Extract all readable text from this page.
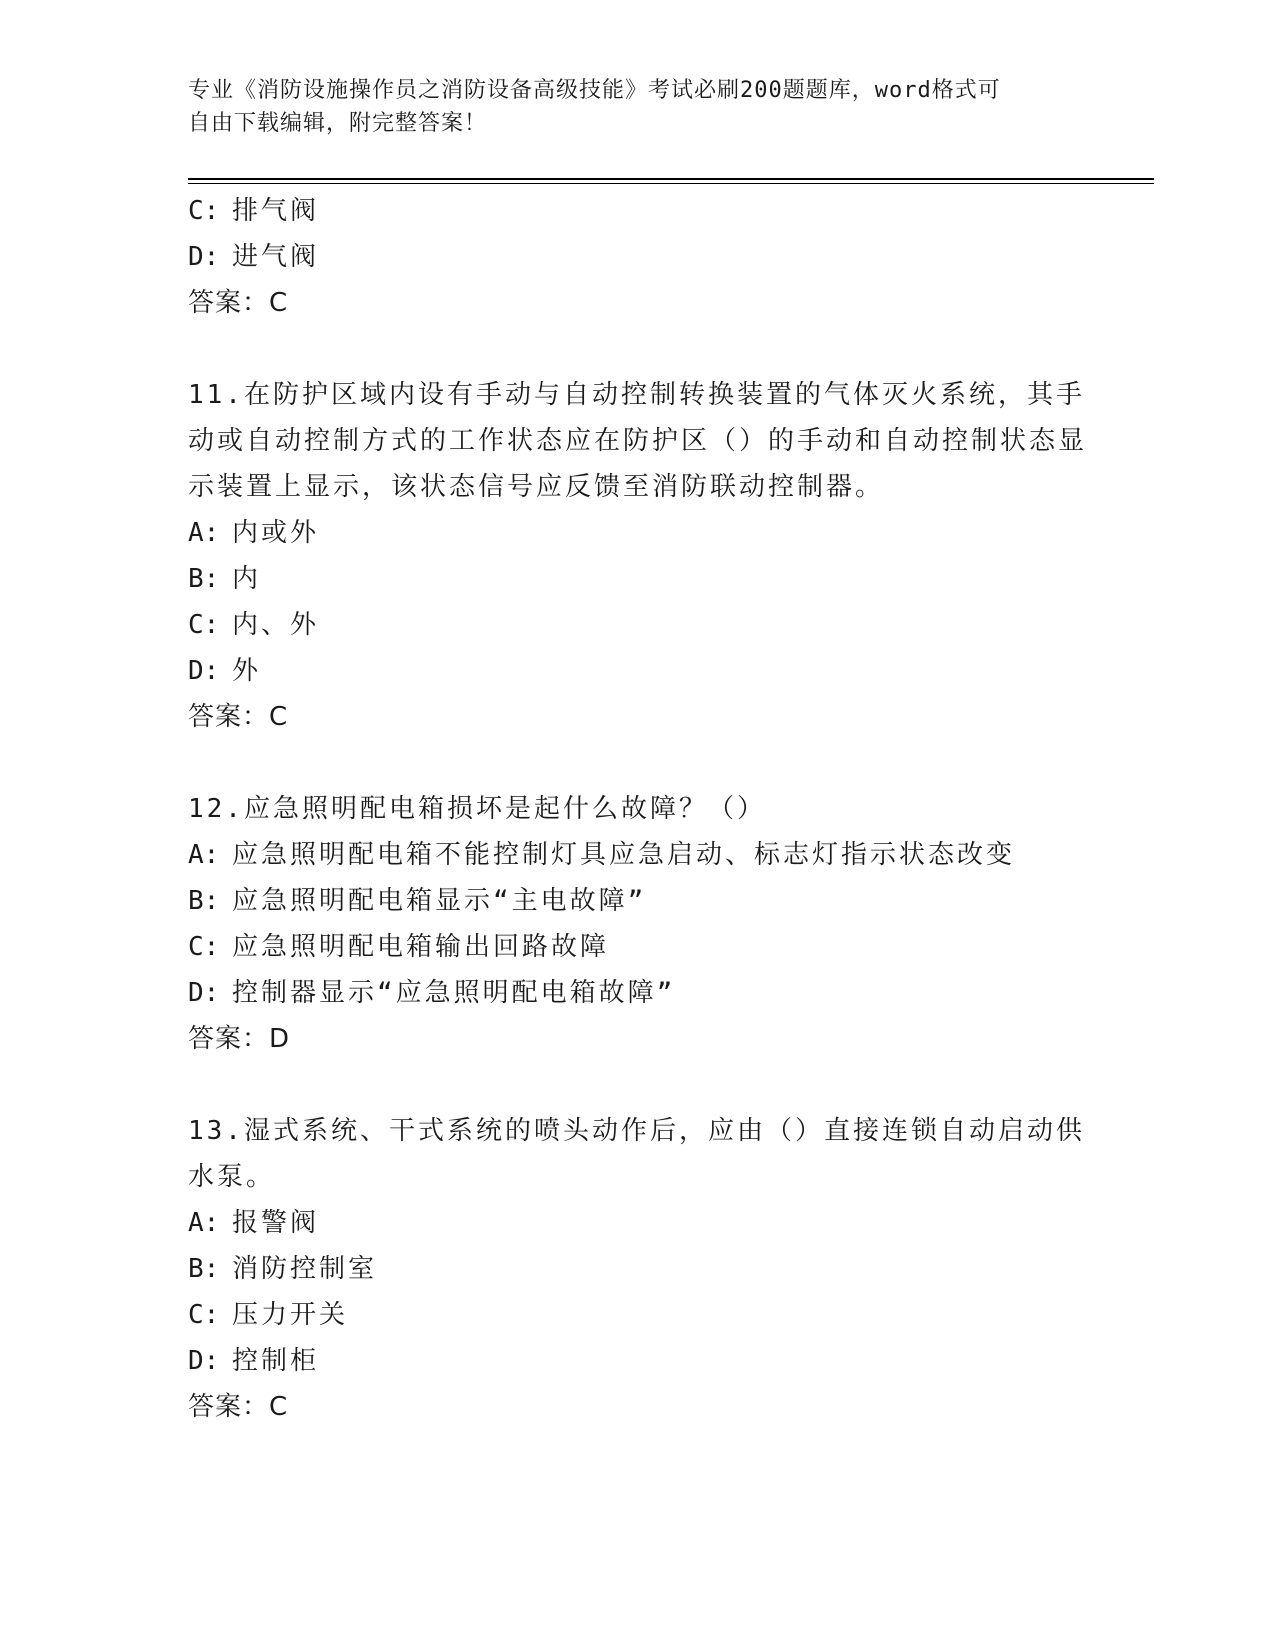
专业《消防设施操作员之消防设备高级技能》考试必刷200题题库，word格式可
自由下载编辑，附完整答案！
C: 排气阀
D: 进气阀
答案：C
11.在防护区域内设有手动与自动控制转换装置的气体灭火系统，其手动或自动控制方式的工作状态应在防护区（）的手动和自动控制状态显示装置上显示，该状态信号应反馈至消防联动控制器。
A: 内或外
B: 内
C: 内、外
D: 外
答案：C
12.应急照明配电箱损坏是起什么故障？（）
A: 应急照明配电箱不能控制灯具应急启动、标志灯指示状态改变
B: 应急照明配电箱显示“主电故障”
C: 应急照明配电箱输出回路故障
D: 控制器显示“应急照明配电箱故障”
答案：D
13.湿式系统、干式系统的喷头动作后，应由（）直接连锁自动启动供水泵。
A: 报警阀
B: 消防控制室
C: 压力开关
D: 控制柜
答案：C
